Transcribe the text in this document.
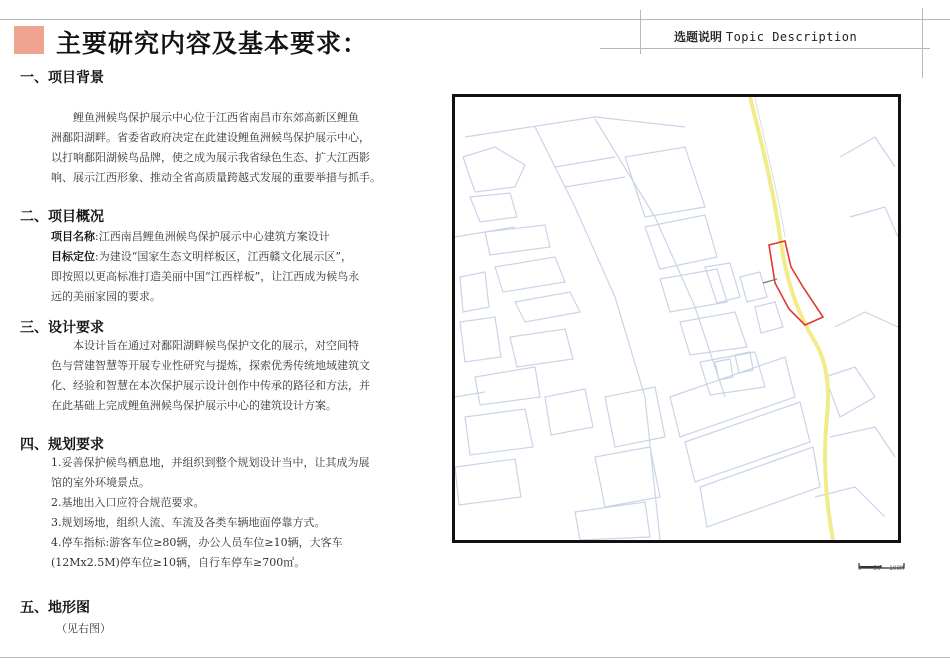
主要研究内容及基本要求：	选题说明 Topic Description
一、项目背景
鲤鱼洲候鸟保护展示中心位于江西省南昌市东郊高新区鲤鱼
洲鄱阳湖畔。省委省政府决定在此建设鲤鱼洲候鸟保护展示中心，
以打响鄱阳湖候鸟品牌，使之成为展示我省绿色生态、扩大江西影
响、展示江西形象、推动全省高质量跨越式发展的重要举措与抓手。
二、项目概况
项目名称:江西南昌鲤鱼洲候鸟保护展示中心建筑方案设计
目标定位:为建设“国家生态文明样板区，江西赣文化展示区”，
即按照以更高标准打造美丽中国“江西样板”，让江西成为候鸟永
远的美丽家园的要求。
三、设计要求
本设计旨在通过对鄱阳湖畔候鸟保护文化的展示，对空间特
色与营建智慧等开展专业性研究与提炼，探索优秀传统地域建筑文
化、经验和智慧在本次保护展示设计创作中传承的路径和方法，并
在此基础上完成鲤鱼洲候鸟保护展示中心的建筑设计方案。
四、规划要求
1.妥善保护候鸟栖息地，并组织到整个规划设计当中，让其成为展
馆的室外环境景点。
2.基地出入口应符合规范要求。
3.规划场地，组织人流、车流及各类车辆地面停靠方式。
4.停车指标:游客车位≥80辆，办公人员车位≥10辆，大客车
(12Mx2.5M)停车位≥10辆，自行车停车≥700㎡。
五、地形图
（见右图）
0 50 100M
